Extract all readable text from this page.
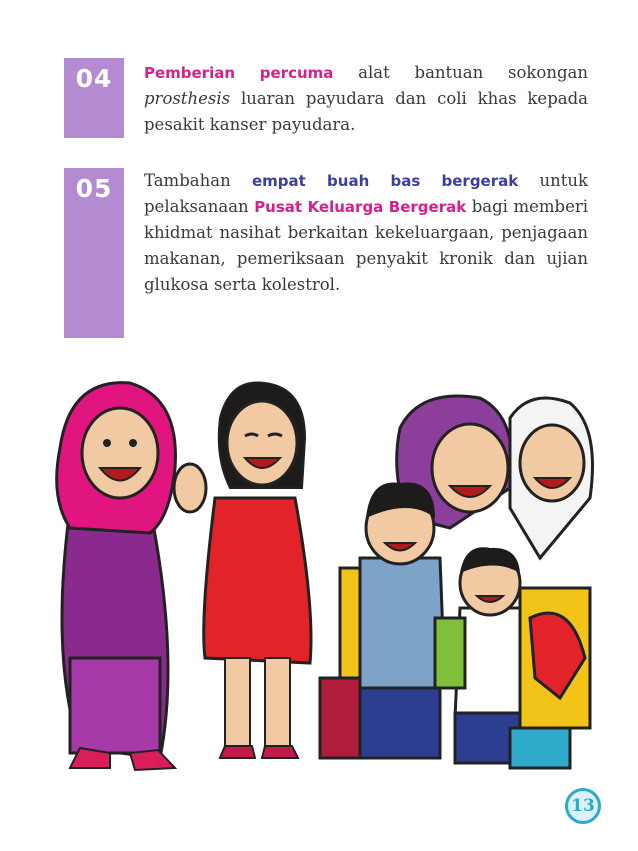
04	Pemberian percuma alat bantuan sokongan prosthesis luaran payudara dan coli khas kepada pesakit kanser payudara.
05	Tambahan empat buah bas bergerak untuk pelaksanaan Pusat Keluarga Bergerak bagi memberi khidmat nasihat berkaitan kekeluargaan, penjagaan makanan, pemeriksaan penyakit kronik dan ujian glukosa serta kolestrol.
13
